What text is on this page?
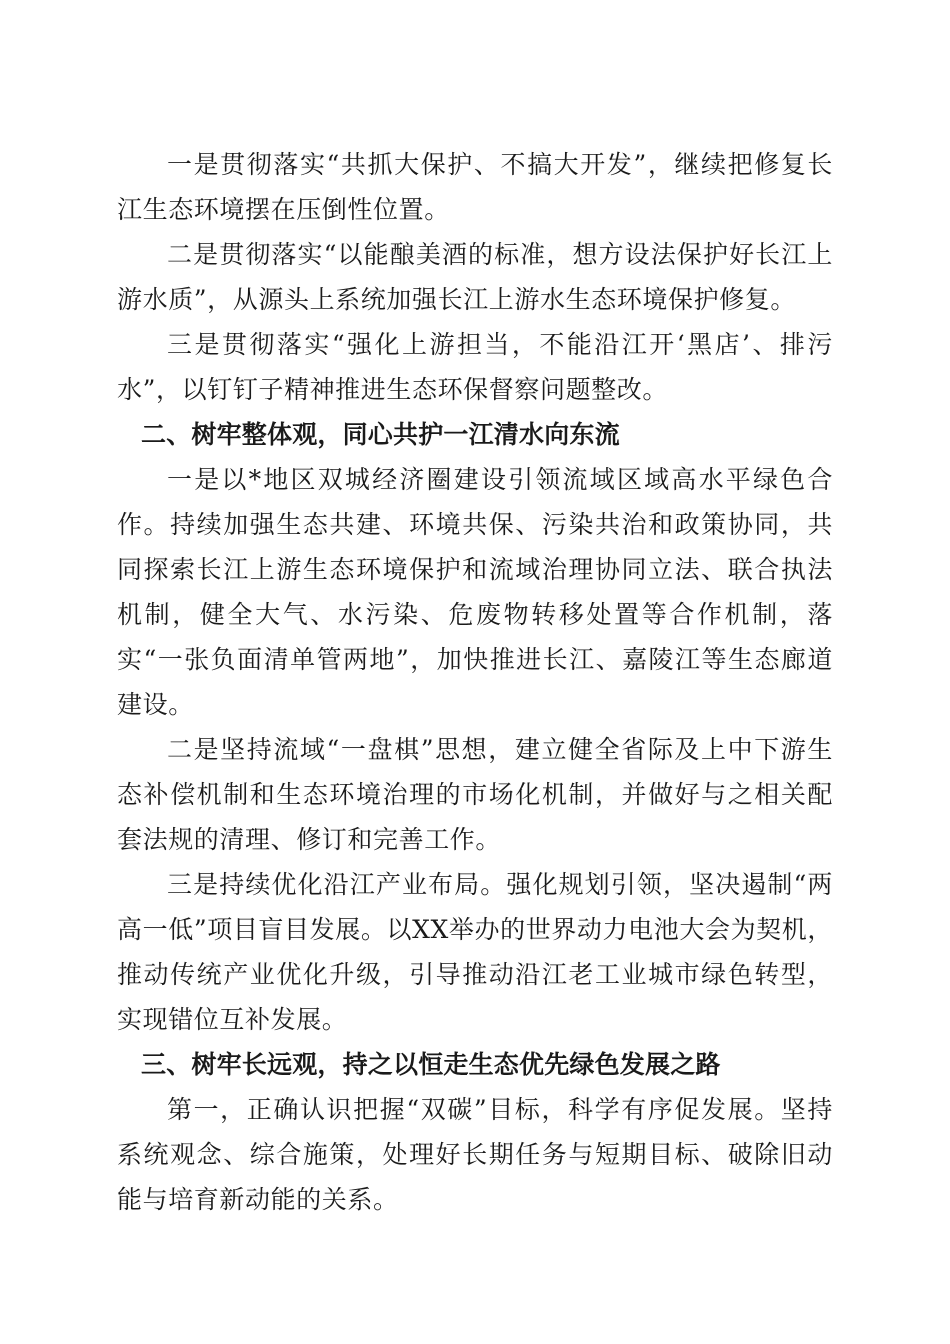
一是贯彻落实“共抓大保护、不搞大开发”，继续把修复长江生态环境摆在压倒性位置。

二是贯彻落实“以能酿美酒的标准，想方设法保护好长江上游水质”，从源头上系统加强长江上游水生态环境保护修复。

三是贯彻落实“强化上游担当，不能沿江开‘黑店’、排污水”，以钉钉子精神推进生态环保督察问题整改。

二、树牢整体观，同心共护一江清水向东流

一是以*地区双城经济圈建设引领流域区域高水平绿色合作。持续加强生态共建、环境共保、污染共治和政策协同，共同探索长江上游生态环境保护和流域治理协同立法、联合执法机制，健全大气、水污染、危废物转移处置等合作机制，落实“一张负面清单管两地”，加快推进长江、嘉陵江等生态廊道建设。

二是坚持流域“一盘棋”思想，建立健全省际及上中下游生态补偿机制和生态环境治理的市场化机制，并做好与之相关配套法规的清理、修订和完善工作。

三是持续优化沿江产业布局。强化规划引领，坚决遏制“两高一低”项目盲目发展。以XX举办的世界动力电池大会为契机，推动传统产业优化升级，引导推动沿江老工业城市绿色转型，实现错位互补发展。

三、树牢长远观，持之以恒走生态优先绿色发展之路

第一，正确认识把握“双碳”目标，科学有序促发展。坚持系统观念、综合施策，处理好长期任务与短期目标、破除旧动能与培育新动能的关系。
